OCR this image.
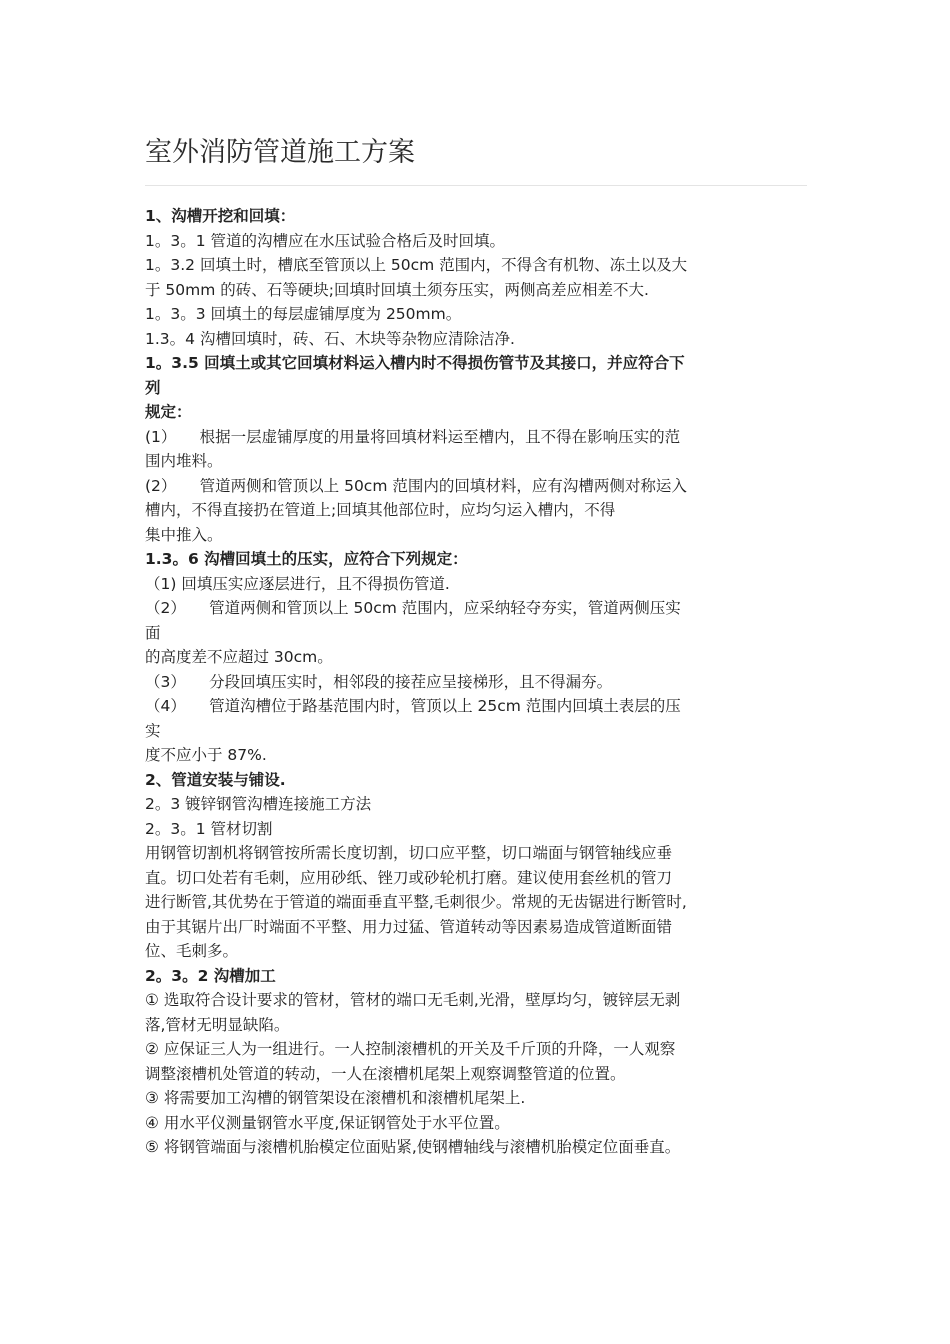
室外消防管道施工方案

1、沟槽开挖和回填：

1。3。1 管道的沟槽应在水压试验合格后及时回填。

1。3.2 回填土时，槽底至管顶以上 50cm 范围内，不得含有机物、冻土以及大

于 50mm 的砖、石等硬块;回填时回填土须夯压实，两侧高差应相差不大.

1。3。3 回填土的每层虚铺厚度为 250mm。

1.3。4 沟槽回填时，砖、石、木块等杂物应清除洁净.

1。3.5 回填土或其它回填材料运入槽内时不得损伤管节及其接口，并应符合下

列

规定：

(1）　　根据一层虚铺厚度的用量将回填材料运至槽内，且不得在影响压实的范

围内堆料。

(2）　　管道两侧和管顶以上 50cm 范围内的回填材料，应有沟槽两侧对称运入

槽内，不得直接扔在管道上;回填其他部位时，应均匀运入槽内，不得

集中推入。

1.3。6 沟槽回填土的压实，应符合下列规定：

（1) 回填压实应逐层进行，且不得损伤管道.

（2）　　管道两侧和管顶以上 50cm 范围内，应采纳轻夺夯实，管道两侧压实

面

的高度差不应超过 30cm。

（3）　　分段回填压实时，相邻段的接茬应呈接梯形，且不得漏夯。

（4）　　管道沟槽位于路基范围内时，管顶以上 25cm 范围内回填土表层的压

实

度不应小于 87%.

2、管道安装与铺设.

2。3 镀锌钢管沟槽连接施工方法

2。3。1 管材切割

用钢管切割机将钢管按所需长度切割，切口应平整，切口端面与钢管轴线应垂

直。切口处若有毛刺，应用砂纸、锉刀或砂轮机打磨。建议使用套丝机的管刀

进行断管,其优势在于管道的端面垂直平整,毛刺很少。常规的无齿锯进行断管时,

由于其锯片出厂时端面不平整、用力过猛、管道转动等因素易造成管道断面错

位、毛刺多。

2。3。2 沟槽加工

① 选取符合设计要求的管材，管材的端口无毛刺,光滑，壁厚均匀，镀锌层无剥

落,管材无明显缺陷。

② 应保证三人为一组进行。一人控制滚槽机的开关及千斤顶的升降，一人观察

调整滚槽机处管道的转动，一人在滚槽机尾架上观察调整管道的位置。

③ 将需要加工沟槽的钢管架设在滚槽机和滚槽机尾架上.

④ 用水平仪测量钢管水平度,保证钢管处于水平位置。

⑤ 将钢管端面与滚槽机胎模定位面贴紧,使钢槽轴线与滚槽机胎模定位面垂直。
